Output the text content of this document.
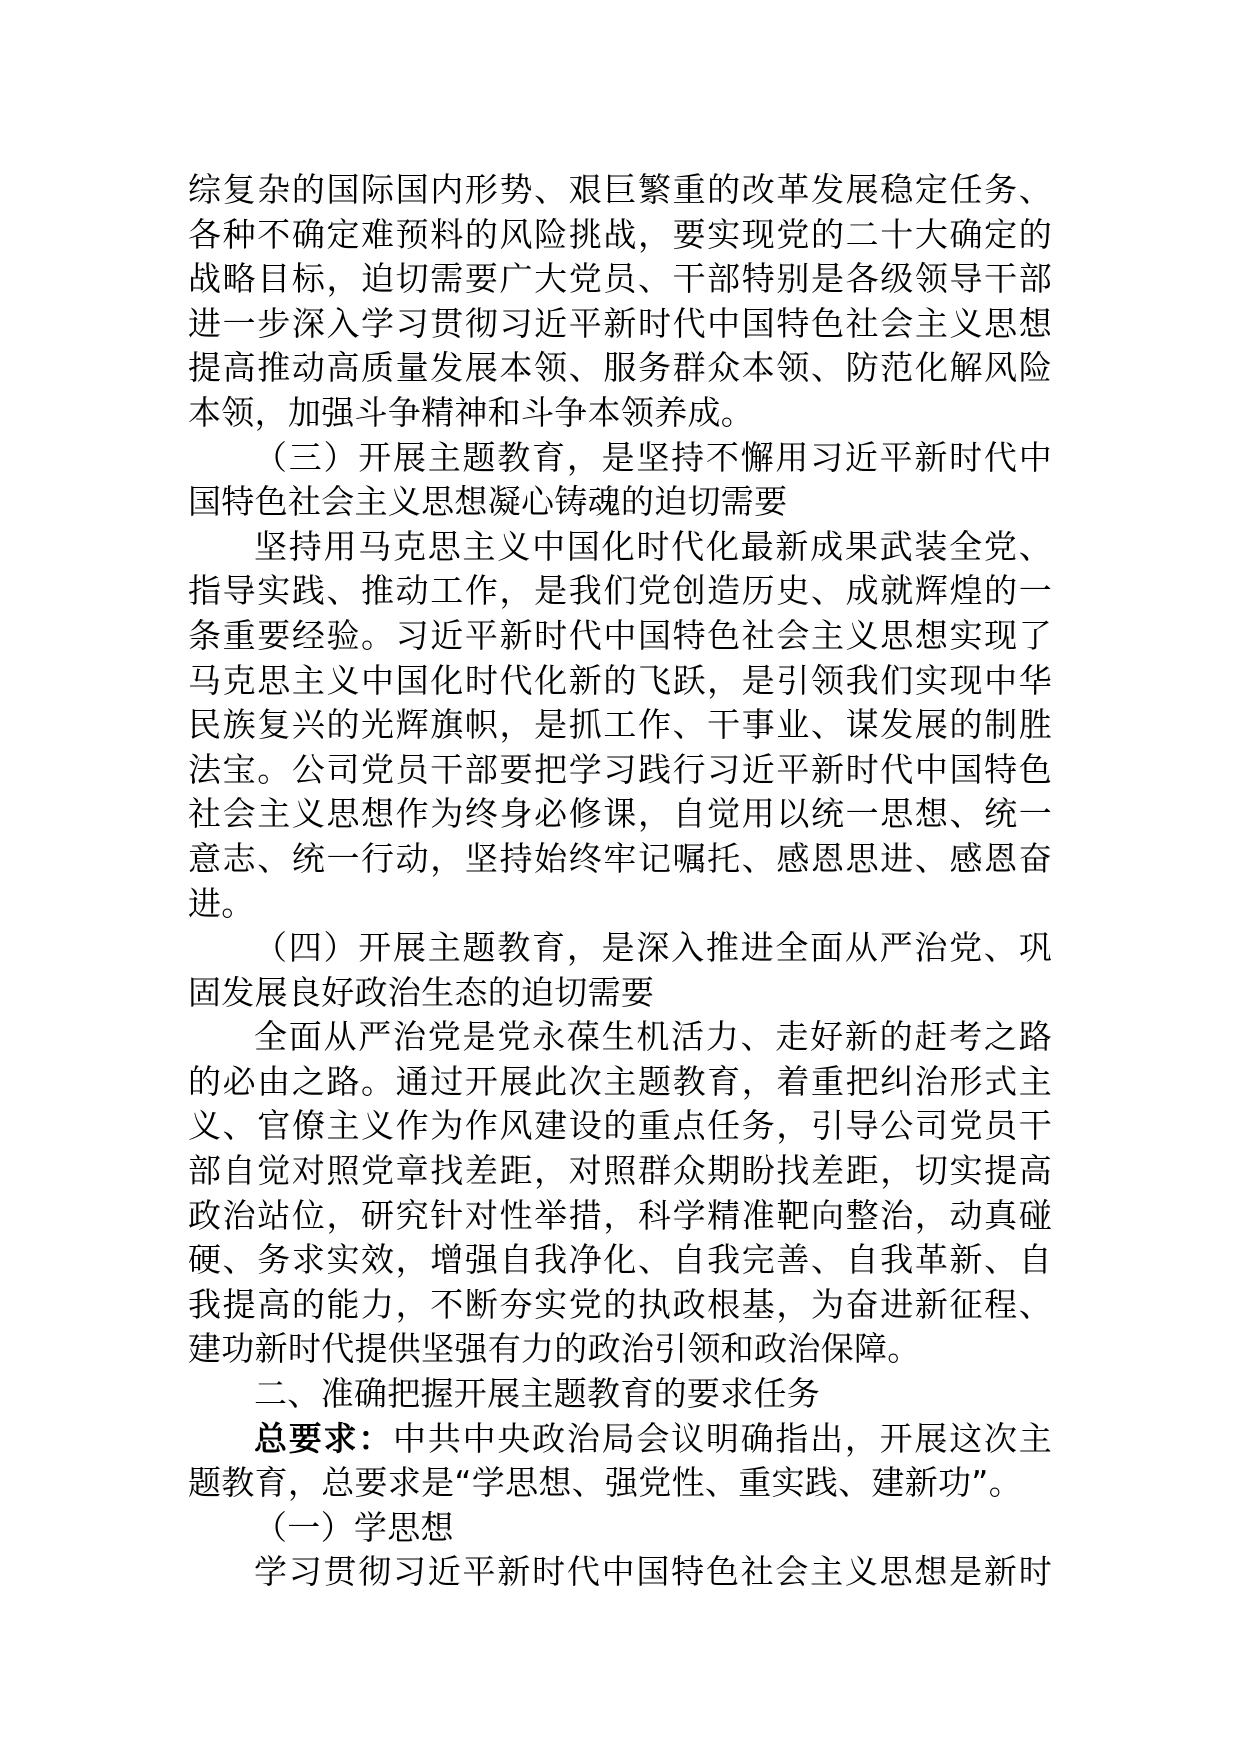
综复杂的国际国内形势、艰巨繁重的改革发展稳定任务、
各种不确定难预料的风险挑战，要实现党的二十大确定的
战略目标，迫切需要广大党员、干部特别是各级领导干部
进一步深入学习贯彻习近平新时代中国特色社会主义思想
提高推动高质量发展本领、服务群众本领、防范化解风险
本领，加强斗争精神和斗争本领养成。
（三）开展主题教育，是坚持不懈用习近平新时代中
国特色社会主义思想凝心铸魂的迫切需要
坚持用马克思主义中国化时代化最新成果武装全党、
指导实践、推动工作，是我们党创造历史、成就辉煌的一
条重要经验。习近平新时代中国特色社会主义思想实现了
马克思主义中国化时代化新的飞跃，是引领我们实现中华
民族复兴的光辉旗帜，是抓工作、干事业、谋发展的制胜
法宝。公司党员干部要把学习践行习近平新时代中国特色
社会主义思想作为终身必修课，自觉用以统一思想、统一
意志、统一行动，坚持始终牢记嘱托、感恩思进、感恩奋
进。
（四）开展主题教育，是深入推进全面从严治党、巩
固发展良好政治生态的迫切需要
全面从严治党是党永葆生机活力、走好新的赶考之路
的必由之路。通过开展此次主题教育，着重把纠治形式主
义、官僚主义作为作风建设的重点任务，引导公司党员干
部自觉对照党章找差距，对照群众期盼找差距，切实提高
政治站位，研究针对性举措，科学精准靶向整治，动真碰
硬、务求实效，增强自我净化、自我完善、自我革新、自
我提高的能力，不断夯实党的执政根基，为奋进新征程、
建功新时代提供坚强有力的政治引领和政治保障。
二、准确把握开展主题教育的要求任务
总要求：中共中央政治局会议明确指出，开展这次主
题教育，总要求是“学思想、强党性、重实践、建新功”。
（一）学思想
学习贯彻习近平新时代中国特色社会主义思想是新时
